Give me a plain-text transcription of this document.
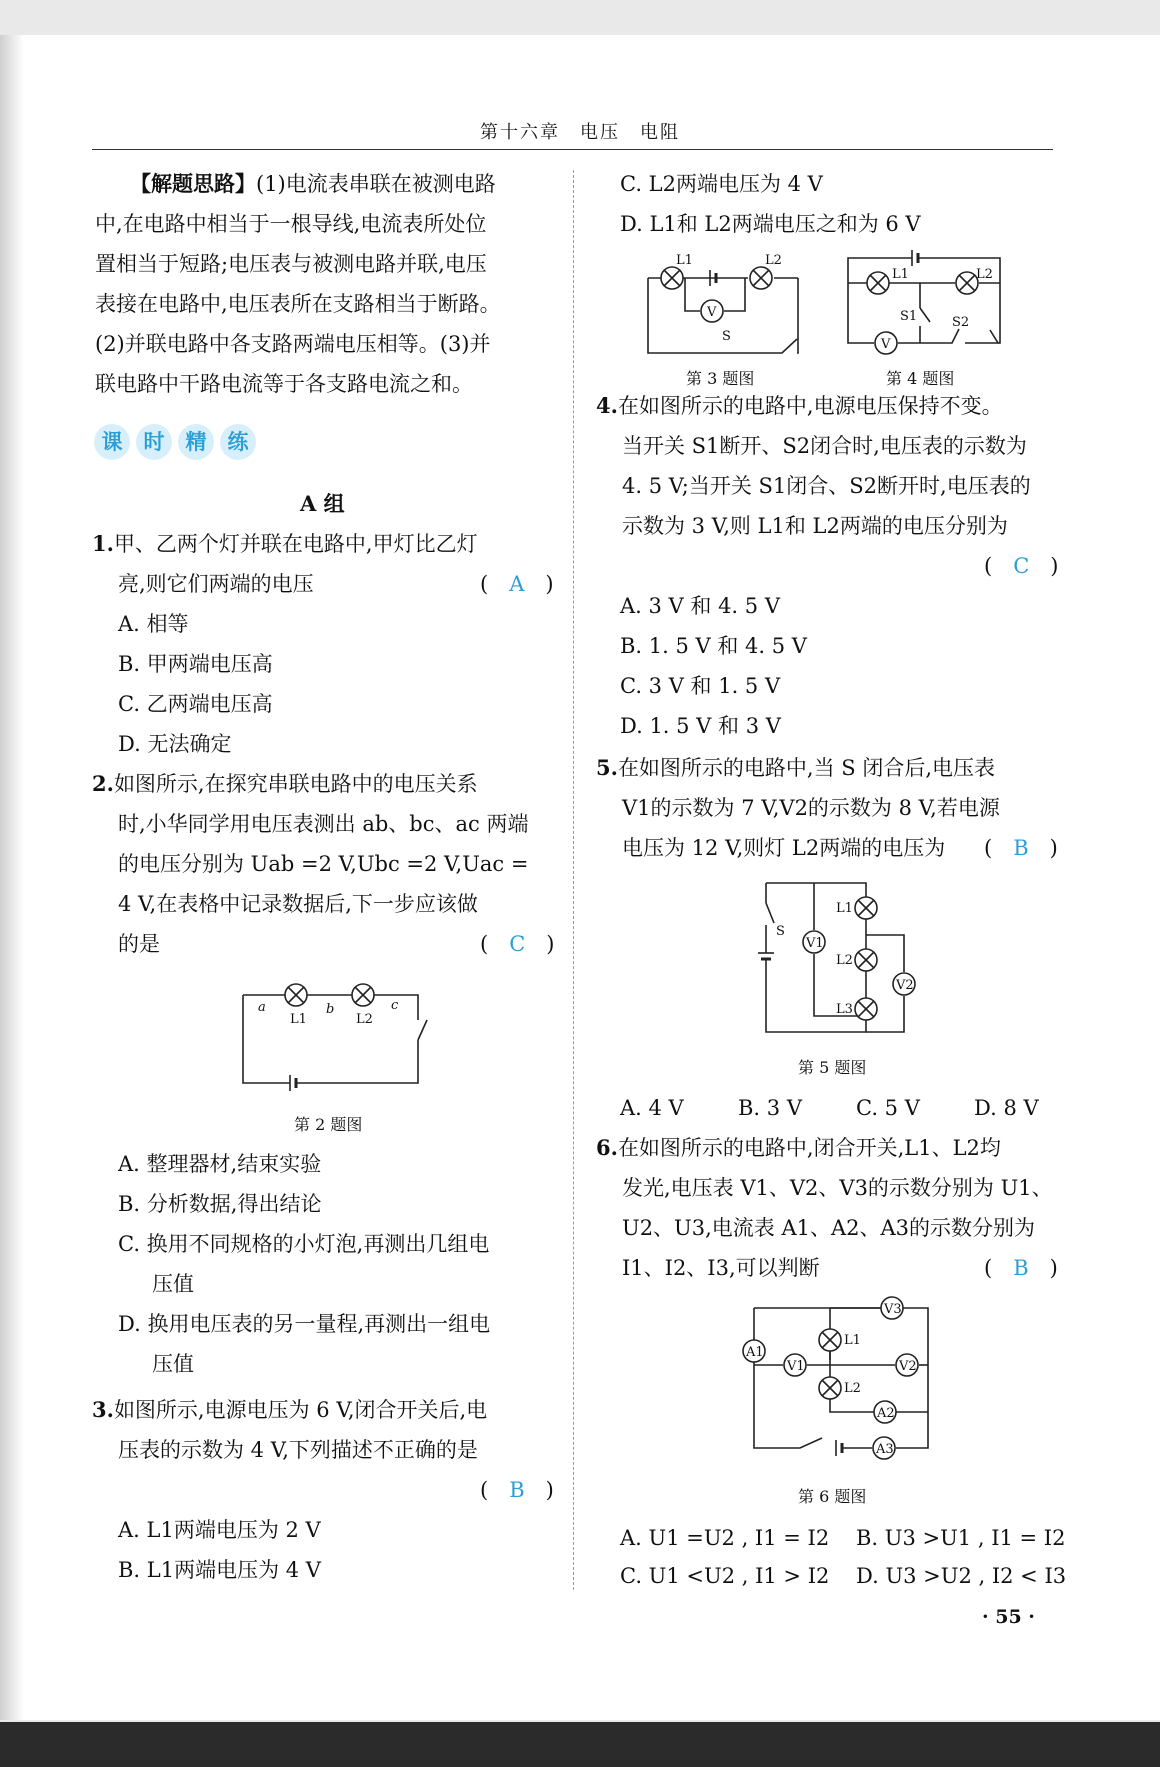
第十六章　电压　电阻
【解题思路】(1)电流表串联在被测电路
中,在电路中相当于一根导线,电流表所处位
置相当于短路;电压表与被测电路并联,电压
表接在电路中,电压表所在支路相当于断路。
(2)并联电路中各支路两端电压相等。(3)并
联电路中干路电流等于各支路电流之和。
课	时	精	练
A 组
1.甲、乙两个灯并联在电路中,甲灯比乙灯
亮,则它们两端的电压	(　A　)
A. 相等
B. 甲两端电压高
C. 乙两端电压高
D. 无法确定
2.如图所示,在探究串联电路中的电压关系
时,小华同学用电压表测出 ab、bc、ac 两端
的电压分别为 Uab =2 V,Ubc =2 V,Uac =
4 V,在表格中记录数据后,下一步应该做
的是	(　C　)
a	b	c
L1	L2
第 2 题图
A. 整理器材,结束实验
B. 分析数据,得出结论
C. 换用不同规格的小灯泡,再测出几组电
压值
D. 换用电压表的另一量程,再测出一组电
压值
3.如图所示,电源电压为 6 V,闭合开关后,电
压表的示数为 4 V,下列描述不正确的是
(　B　)
A. L1两端电压为 2 V
B. L1两端电压为 4 V
C. L2两端电压为 4 V
D. L1和 L2两端电压之和为 6 V
V
L1	L2
S
第 3 题图
V
L1	L2
S1	S2
第 4 题图
4.在如图所示的电路中,电源电压保持不变。
当开关 S1断开、S2闭合时,电压表的示数为
4. 5 V;当开关 S1闭合、S2断开时,电压表的
示数为 3 V,则 L1和 L2两端的电压分别为
(　C　)
A. 3 V 和 4. 5 V
B. 1. 5 V 和 4. 5 V
C. 3 V 和 1. 5 V
D. 1. 5 V 和 3 V
5.在如图所示的电路中,当 S 闭合后,电压表
V1的示数为 7 V,V2的示数为 8 V,若电源
电压为 12 V,则灯 L2两端的电压为 (　B　)
S
V1
V2
L1
L2
L3
第 5 题图
A. 4 V	B. 3 V	C. 5 V	D. 8 V
6.在如图所示的电路中,闭合开关,L1、L2均
发光,电压表 V1、V2、V3的示数分别为 U1、
U2、U3,电流表 A1、A2、A3的示数分别为
I1、I2、I3,可以判断	(　B　)
A1
A2
A3
V1	V2
V3
L1
L2
第 6 题图
A. U1 =U2 , I1 = I2 B. U3 >U1 , I1 = I2
C. U1 <U2 , I1 > I2 D. U3 >U2 , I2 < I3
· 55 ·
